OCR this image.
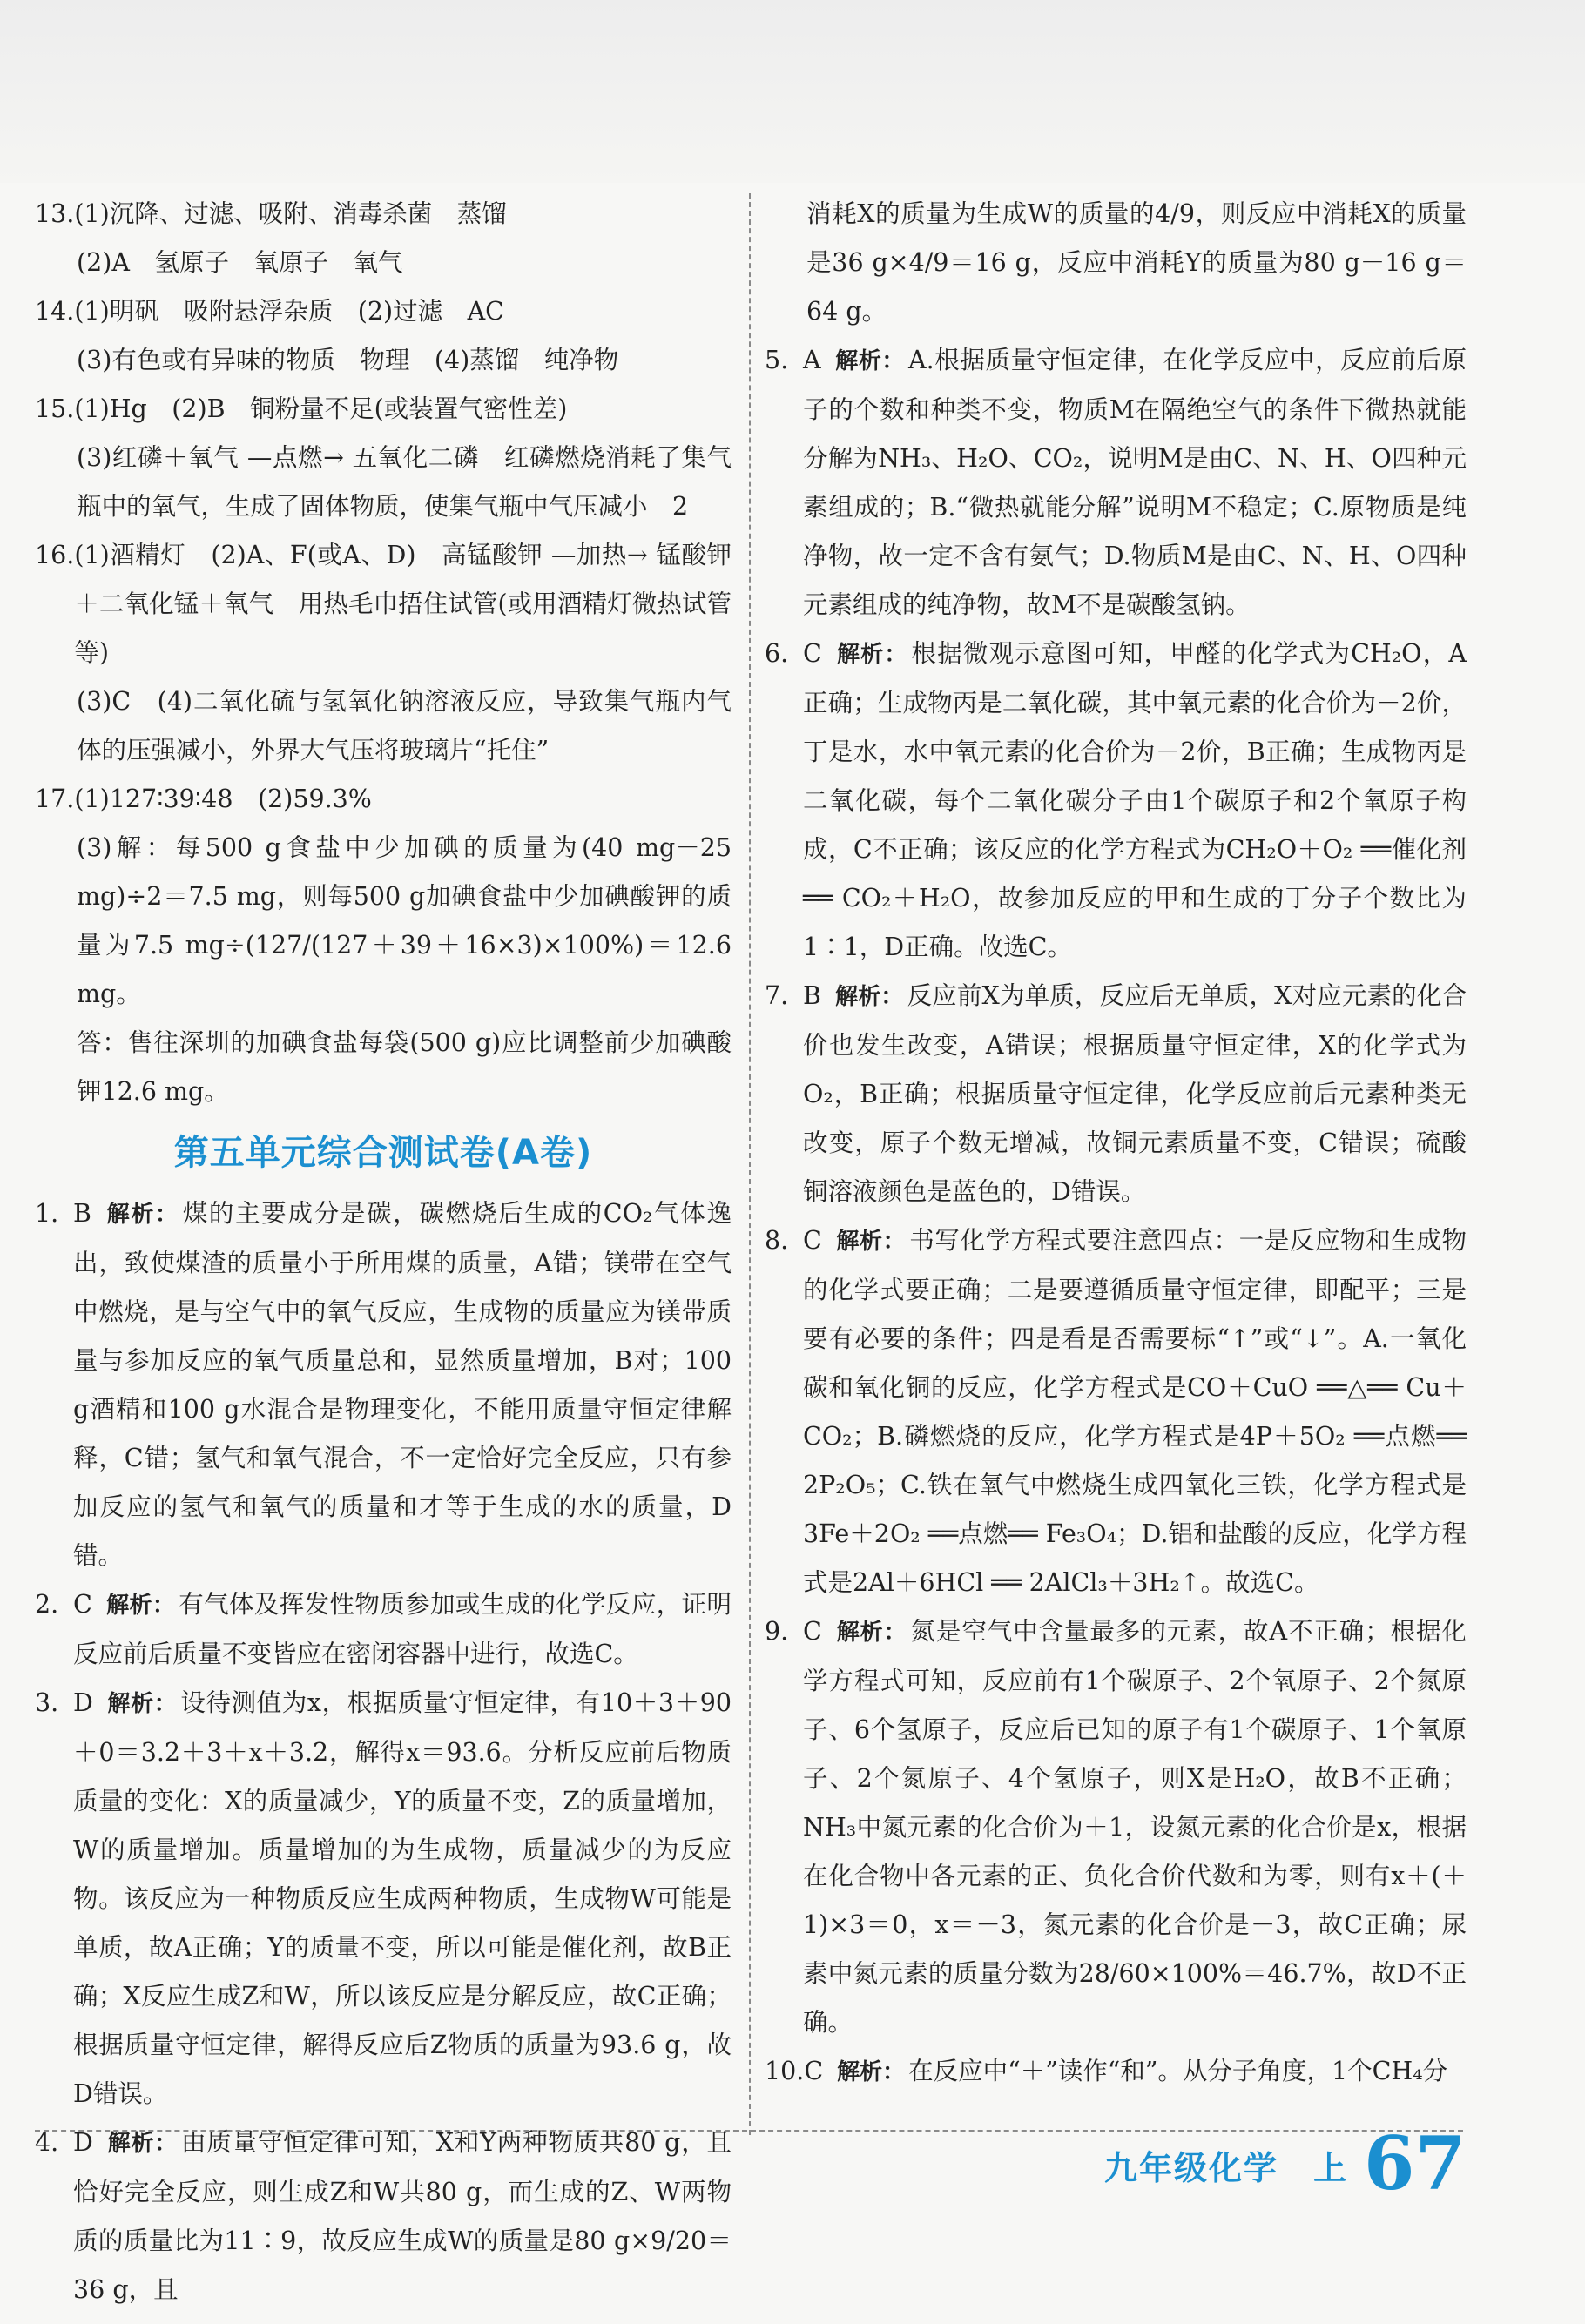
13. (1)沉降、过滤、吸附、消毒杀菌　蒸馏
(2)A　氢原子　氧原子　氧气
14. (1)明矾　吸附悬浮杂质　(2)过滤　AC
(3)有色或有异味的物质　物理　(4)蒸馏　纯净物
15. (1)Hg　(2)B　铜粉量不足(或装置气密性差)
(3)红磷＋氧气 —点燃→ 五氧化二磷　红磷燃烧消耗了集气瓶中的氧气，生成了固体物质，使集气瓶中气压减小　2
16. (1)酒精灯　(2)A、F(或A、D)　高锰酸钾 —加热→ 锰酸钾＋二氧化锰＋氧气　用热毛巾捂住试管(或用酒精灯微热试管等)
(3)C　(4)二氧化硫与氢氧化钠溶液反应，导致集气瓶内气体的压强减小，外界大气压将玻璃片“托住”
17. (1)127∶39∶48　(2)59.3%
(3)解：每500 g食盐中少加碘的质量为(40 mg－25 mg)÷2＝7.5 mg，则每500 g加碘食盐中少加碘酸钾的质量为7.5 mg÷(127/(127＋39＋16×3)×100%)＝12.6 mg。
答：售往深圳的加碘食盐每袋(500 g)应比调整前少加碘酸钾12.6 mg。
第五单元综合测试卷(A卷)
1. B 解析： 煤的主要成分是碳，碳燃烧后生成的CO₂气体逸出，致使煤渣的质量小于所用煤的质量，A错；镁带在空气中燃烧，是与空气中的氧气反应，生成物的质量应为镁带质量与参加反应的氧气质量总和，显然质量增加，B对；100 g酒精和100 g水混合是物理变化，不能用质量守恒定律解释，C错；氢气和氧气混合，不一定恰好完全反应，只有参加反应的氢气和氧气的质量和才等于生成的水的质量，D错。
2. C 解析： 有气体及挥发性物质参加或生成的化学反应，证明反应前后质量不变皆应在密闭容器中进行，故选C。
3. D 解析： 设待测值为x，根据质量守恒定律，有10＋3＋90＋0＝3.2＋3＋x＋3.2，解得x＝93.6。分析反应前后物质质量的变化：X的质量减少，Y的质量不变，Z的质量增加，W的质量增加。质量增加的为生成物，质量减少的为反应物。该反应为一种物质反应生成两种物质，生成物W可能是单质，故A正确；Y的质量不变，所以可能是催化剂，故B正确；X反应生成Z和W，所以该反应是分解反应，故C正确；根据质量守恒定律，解得反应后Z物质的质量为93.6 g，故D错误。
4. D 解析： 由质量守恒定律可知，X和Y两种物质共80 g，且恰好完全反应，则生成Z和W共80 g，而生成的Z、W两物质的质量比为11∶9，故反应生成W的质量是80 g×9/20＝36 g，且
消耗X的质量为生成W的质量的4/9，则反应中消耗X的质量是36 g×4/9＝16 g，反应中消耗Y的质量为80 g－16 g＝64 g。
5. A 解析： A.根据质量守恒定律，在化学反应中，反应前后原子的个数和种类不变，物质M在隔绝空气的条件下微热就能分解为NH₃、H₂O、CO₂，说明M是由C、N、H、O四种元素组成的；B.“微热就能分解”说明M不稳定；C.原物质是纯净物，故一定不含有氨气；D.物质M是由C、N、H、O四种元素组成的纯净物，故M不是碳酸氢钠。
6. C 解析： 根据微观示意图可知，甲醛的化学式为CH₂O，A正确；生成物丙是二氧化碳，其中氧元素的化合价为－2价，丁是水，水中氧元素的化合价为－2价，B正确；生成物丙是二氧化碳，每个二氧化碳分子由1个碳原子和2个氧原子构成，C不正确；该反应的化学方程式为CH₂O＋O₂ ══催化剂══ CO₂＋H₂O，故参加反应的甲和生成的丁分子个数比为1∶1，D正确。故选C。
7. B 解析： 反应前X为单质，反应后无单质，X对应元素的化合价也发生改变，A错误；根据质量守恒定律，X的化学式为O₂，B正确；根据质量守恒定律，化学反应前后元素种类无改变，原子个数无增减，故铜元素质量不变，C错误；硫酸铜溶液颜色是蓝色的，D错误。
8. C 解析： 书写化学方程式要注意四点：一是反应物和生成物的化学式要正确；二是要遵循质量守恒定律，即配平；三是要有必要的条件；四是看是否需要标“↑”或“↓”。A.一氧化碳和氧化铜的反应，化学方程式是CO＋CuO ══△══ Cu＋CO₂；B.磷燃烧的反应，化学方程式是4P＋5O₂ ══点燃══ 2P₂O₅；C.铁在氧气中燃烧生成四氧化三铁，化学方程式是3Fe＋2O₂ ══点燃══ Fe₃O₄；D.铝和盐酸的反应，化学方程式是2Al＋6HCl ══ 2AlCl₃＋3H₂↑。故选C。
9. C 解析： 氮是空气中含量最多的元素，故A不正确；根据化学方程式可知，反应前有1个碳原子、2个氧原子、2个氮原子、6个氢原子，反应后已知的原子有1个碳原子、1个氧原子、2个氮原子、4个氢原子，则X是H₂O，故B不正确；NH₃中氮元素的化合价为＋1，设氮元素的化合价是x，根据在化合物中各元素的正、负化合价代数和为零，则有x＋(＋1)×3＝0，x＝－3，氮元素的化合价是－3，故C正确；尿素中氮元素的质量分数为28/60×100%＝46.7%，故D不正确。
10. C 解析： 在反应中“＋”读作“和”。从分子角度，1个CH₄分
九年级化学　上 67
